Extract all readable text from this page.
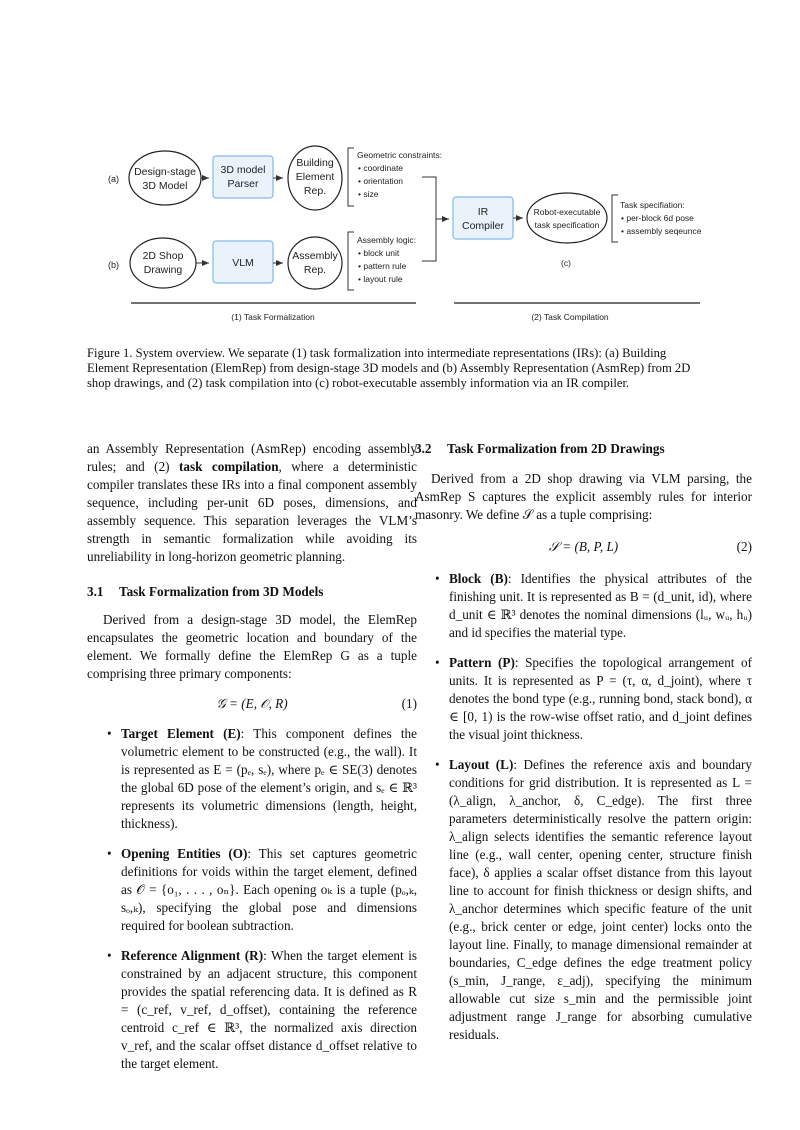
(a)
(b)
Design-stage
3D Model
3D model
Parser
Building
Element
Rep.
Geometric constraints:
• coordinate
• orientation
• size
2D Shop
Drawing
VLM
Assembly
Rep.
Assembly logic:
• block unit
• pattern rule
• layout rule
IR
Compiler
Robot-executable
task specification
(c)
Task specifiation:
• per-block 6d pose
• assembly seqeunce
(1) Task Formalization	(2) Task Compilation
Figure 1. System overview. We separate (1) task formalization into intermediate representations (IRs): (a) Building Element Representation (ElemRep) from design-stage 3D models and (b) Assembly Representation (AsmRep) from 2D shop drawings, and (2) task compilation into (c) robot-executable assembly information via an IR compiler.

an Assembly Representation (AsmRep) encoding assembly rules; and (2) task compilation, where a deterministic compiler translates these IRs into a final component assembly sequence, including per-unit 6D poses, dimensions, and assembly sequence. This separation leverages the VLM’s strength in semantic formalization while avoiding its unreliability in long-horizon geometric planning.

3.1 Task Formalization from 3D Models

Derived from a design-stage 3D model, the ElemRep encapsulates the geometric location and boundary of the element. We formally define the ElemRep G as a tuple comprising three primary components:

𝒢 = (E, 𝒪, R)	(1)
• Target Element (E): This component defines the volumetric element to be constructed (e.g., the wall). It is represented as E = (pₑ, sₑ), where pₑ ∈ SE(3) denotes the global 6D pose of the element’s origin, and sₑ ∈ ℝ³ represents its volumetric dimensions (length, height, thickness).
• Opening Entities (O): This set captures geometric definitions for voids within the target element, defined as 𝒪 = {o₁, . . . , oₙ}. Each opening oₖ is a tuple (pₒ,ₖ, sₒ,ₖ), specifying the global pose and dimensions required for boolean subtraction.
• Reference Alignment (R): When the target element is constrained by an adjacent structure, this component provides the spatial referencing data. It is defined as R = (c_ref, v_ref, d_offset), containing the reference centroid c_ref ∈ ℝ³, the normalized axis direction v_ref, and the scalar offset distance d_offset relative to the target element.

3.2 Task Formalization from 2D Drawings

Derived from a 2D shop drawing via VLM parsing, the AsmRep S captures the explicit assembly rules for interior masonry. We define 𝒮 as a tuple comprising:

𝒮 = (B, P, L)	(2)
• Block (B): Identifies the physical attributes of the finishing unit. It is represented as B = (d_unit, id), where d_unit ∈ ℝ³ denotes the nominal dimensions (lᵤ, wᵤ, hᵤ) and id specifies the material type.
• Pattern (P): Specifies the topological arrangement of units. It is represented as P = (τ, α, d_joint), where τ denotes the bond type (e.g., running bond, stack bond), α ∈ [0, 1) is the row-wise offset ratio, and d_joint defines the visual joint thickness.
• Layout (L): Defines the reference axis and boundary conditions for grid distribution. It is represented as L = (λ_align, λ_anchor, δ, C_edge). The first three parameters deterministically resolve the pattern origin: λ_align selects identifies the semantic reference layout line (e.g., wall center, opening center, structure finish face), δ applies a scalar offset distance from this layout line to account for finish thickness or design shifts, and λ_anchor determines which specific feature of the unit (e.g., brick center or edge, joint center) locks onto the layout line. Finally, to manage dimensional remainder at boundaries, C_edge defines the edge treatment policy (s_min, J_range, ε_adj), specifying the minimum allowable cut size s_min and the permissible joint adjustment range J_range for absorbing cumulative residuals.
